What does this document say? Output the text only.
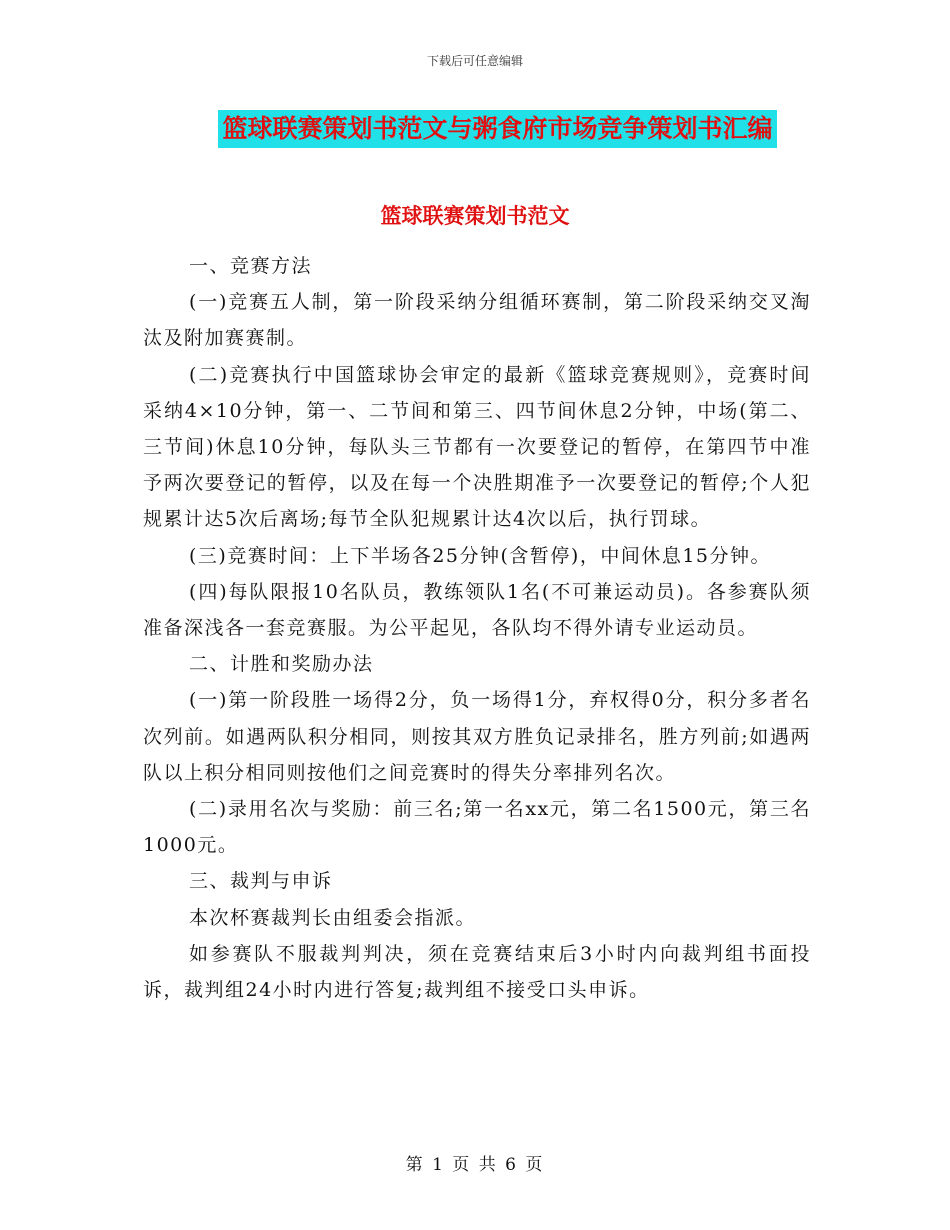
下载后可任意编辑
篮球联赛策划书范文与粥食府市场竞争策划书汇编
篮球联赛策划书范文

一、竞赛方法

(一)竞赛五人制，第一阶段采纳分组循环赛制，第二阶段采纳交叉淘汰及附加赛赛制。

(二)竞赛执行中国篮球协会审定的最新《篮球竞赛规则》，竞赛时间采纳4×10分钟，第一、二节间和第三、四节间休息2分钟，中场(第二、三节间)休息10分钟，每队头三节都有一次要登记的暂停，在第四节中准予两次要登记的暂停，以及在每一个决胜期准予一次要登记的暂停;个人犯规累计达5次后离场;每节全队犯规累计达4次以后，执行罚球。

(三)竞赛时间：上下半场各25分钟(含暂停)，中间休息15分钟。

(四)每队限报10名队员，教练领队1名(不可兼运动员)。各参赛队须准备深浅各一套竞赛服。为公平起见，各队均不得外请专业运动员。

二、计胜和奖励办法

(一)第一阶段胜一场得2分，负一场得1分，弃权得0分，积分多者名次列前。如遇两队积分相同，则按其双方胜负记录排名，胜方列前;如遇两队以上积分相同则按他们之间竞赛时的得失分率排列名次。

(二)录用名次与奖励：前三名;第一名xx元，第二名1500元，第三名1000元。

三、裁判与申诉

本次杯赛裁判长由组委会指派。

如参赛队不服裁判判决，须在竞赛结束后3小时内向裁判组书面投诉，裁判组24小时内进行答复;裁判组不接受口头申诉。

第 1 页 共 6 页
